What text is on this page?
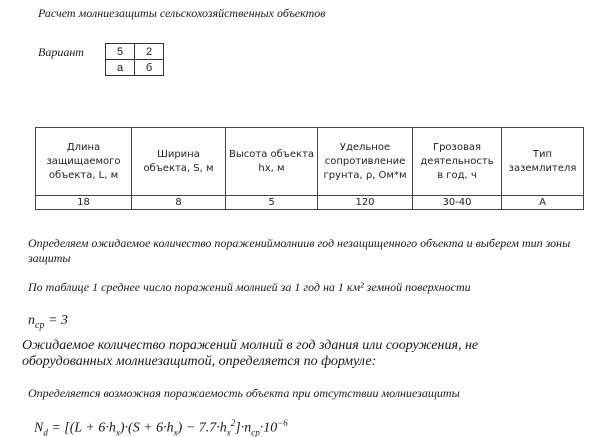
Расчет молниезащиты сельскохозяйственных объектов
Вариант	5	2
а	б
Длина защищаемого объекта, L, м	Ширина объекта, S, м	Высота объекта hx, м	Удельное сопротивление грунта, ρ, Ом*м	Грозовая деятельность в год, ч	Тип заземлителя
18	8	5	120	30-40	А
Определяем ожидаемое количество поражениймолниив год незащищенного объекта и выберем тип зоны защиты
По таблице 1 среднее число поражений молнией за 1 год на 1 км² земной поверхности
$n_{cp} = 3$
Ожидаемое количество поражений молний в год здания или сооружения, не
оборудованных молниезащитой, определяется по формуле:
Определяется возможная поражаемость объекта при отсутствии молниезащиты
$N_d = [(L + 6\cdot h_x)\cdot(S + 6\cdot h_x) - 7.7\cdot h_x^2]\cdot n_{cp}\cdot 10^{-6}$
